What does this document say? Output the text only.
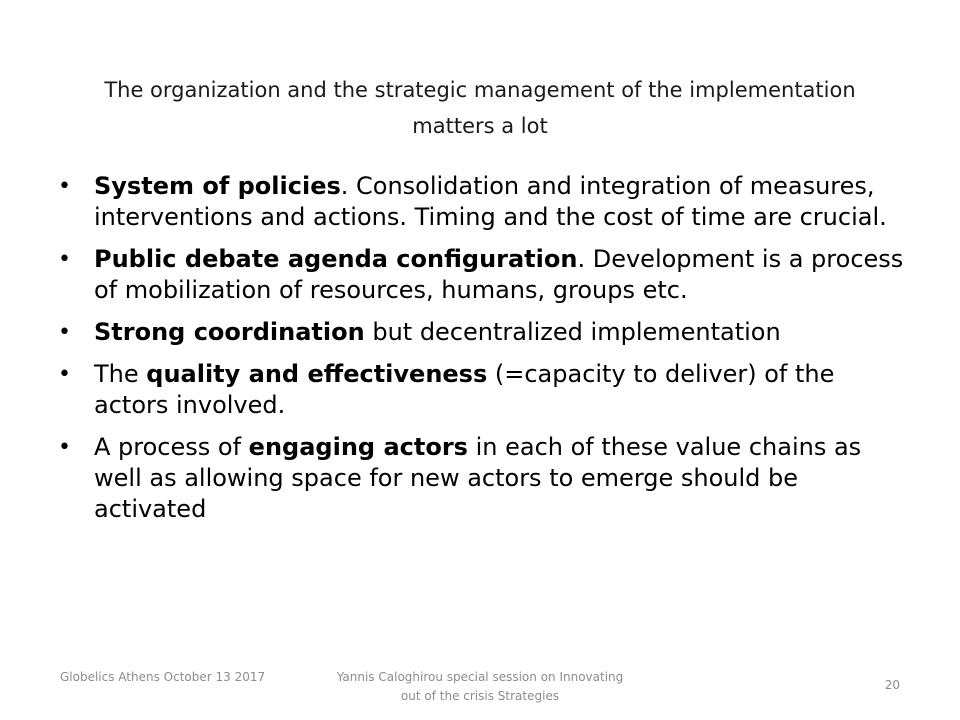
The organization and the strategic management of the implementation matters a lot
• System of policies. Consolidation and integration of measures, interventions and actions. Timing and the cost of time are crucial.
• Public debate agenda configuration. Development is a process of mobilization of resources, humans, groups etc.
• Strong coordination but decentralized implementation
• The quality and effectiveness (=capacity to deliver) of the actors involved.
• A process of engaging actors in each of these value chains as well as allowing space for new actors to emerge should be activated
Globelics Athens October 13 2017	Yannis Caloghirou special session on Innovating out of the crisis Strategies
20
